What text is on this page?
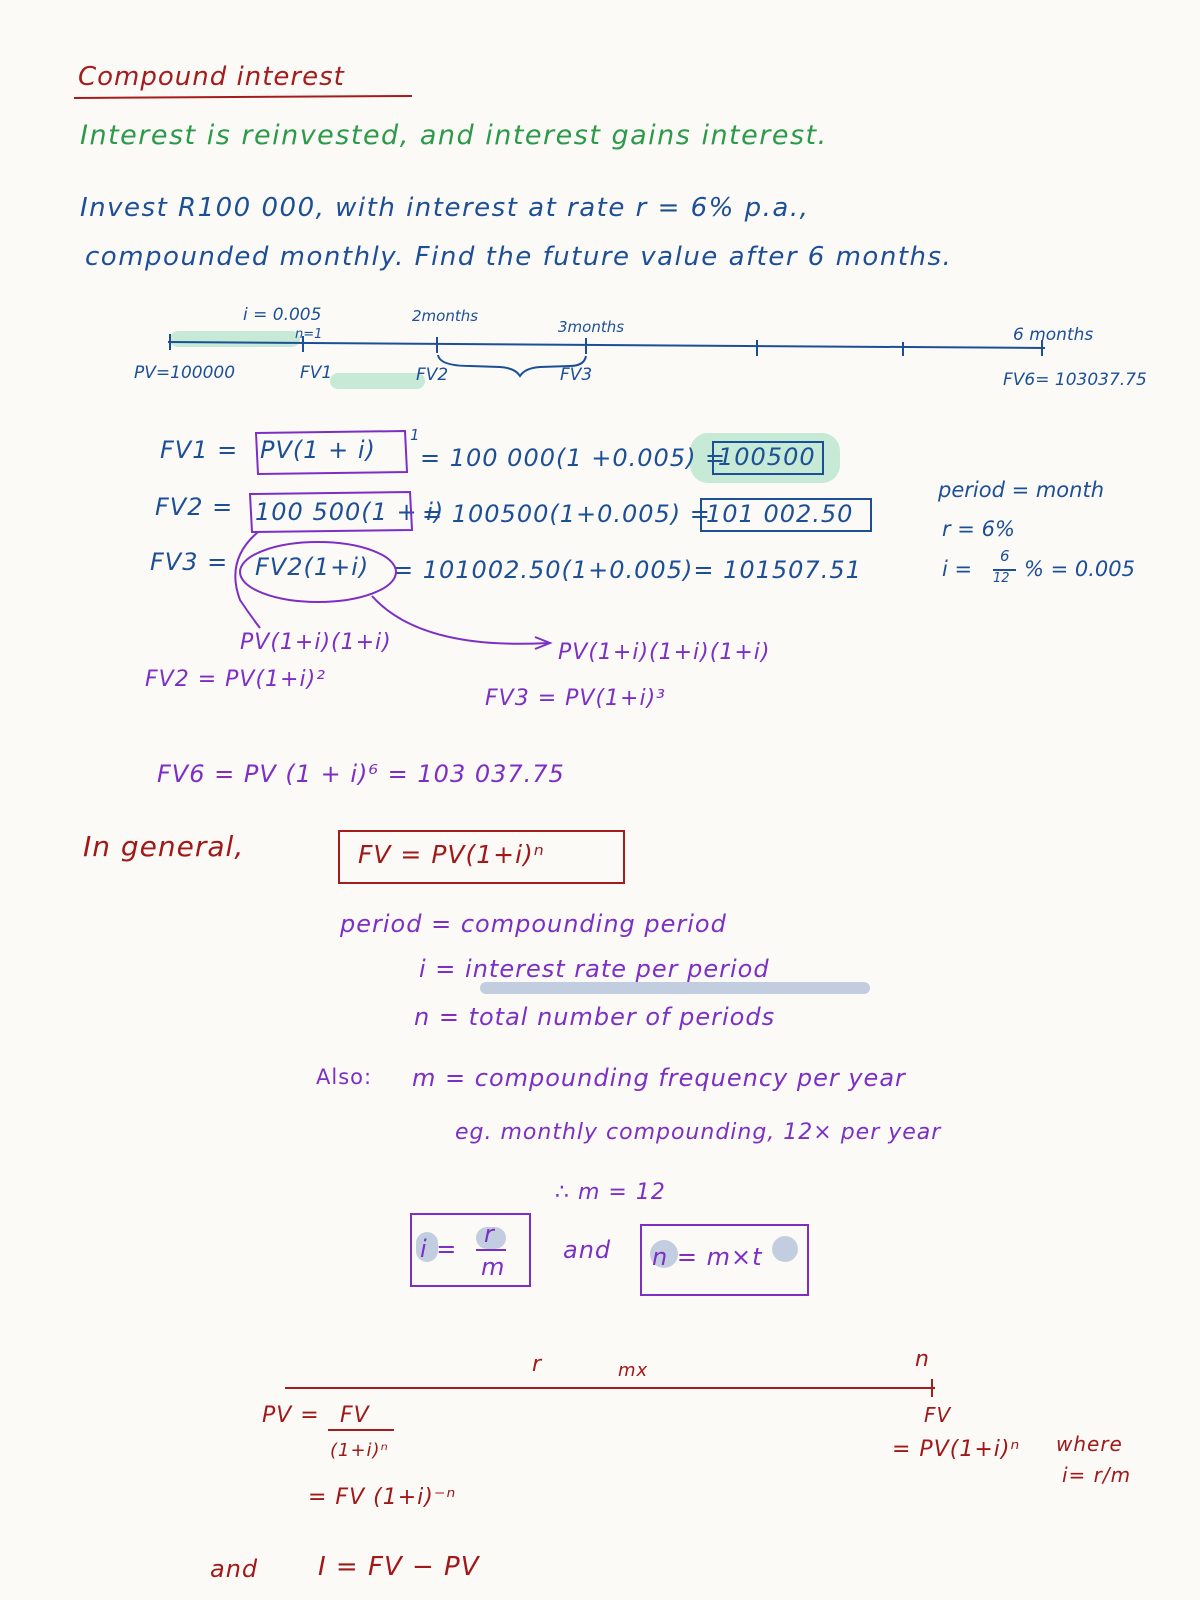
Compound interest
Interest is reinvested, and interest gains interest.
Invest R100 000, with interest at rate r = 6% p.a.,
compounded monthly. Find the future value after 6 months.
i = 0.005
n=1
2months
3months	6 months
PV=100000	FV1	FV2	FV3	FV6= 103037.75
FV1 = PV(1 + i)
1
= 100 000(1 +0.005) =
100500
FV2 = 100 500(1 + i)
= 100500(1+0.005) =
101 002.50
FV3 = FV2(1+i) = 101002.50(1+0.005)= 101507.51
period = month
r = 6%
i =
6
12 % = 0.005
PV(1+i)(1+i)
FV2 = PV(1+i)²
PV(1+i)(1+i)(1+i)
FV3 = PV(1+i)³
FV6 = PV (1 + i)⁶ = 103 037.75
In general,	FV = PV(1+i)ⁿ
period = compounding period
i = interest rate per period
n = total number of periods
Also: m = compounding frequency per year
eg. monthly compounding, 12× per year
∴ m = 12
i =
r
m
and n = m×t
r	mx	n
PV = FV
(1+i)ⁿ
= FV (1+i)⁻ⁿ
FV
= PV(1+i)ⁿ where
i= r/m
and I = FV − PV
